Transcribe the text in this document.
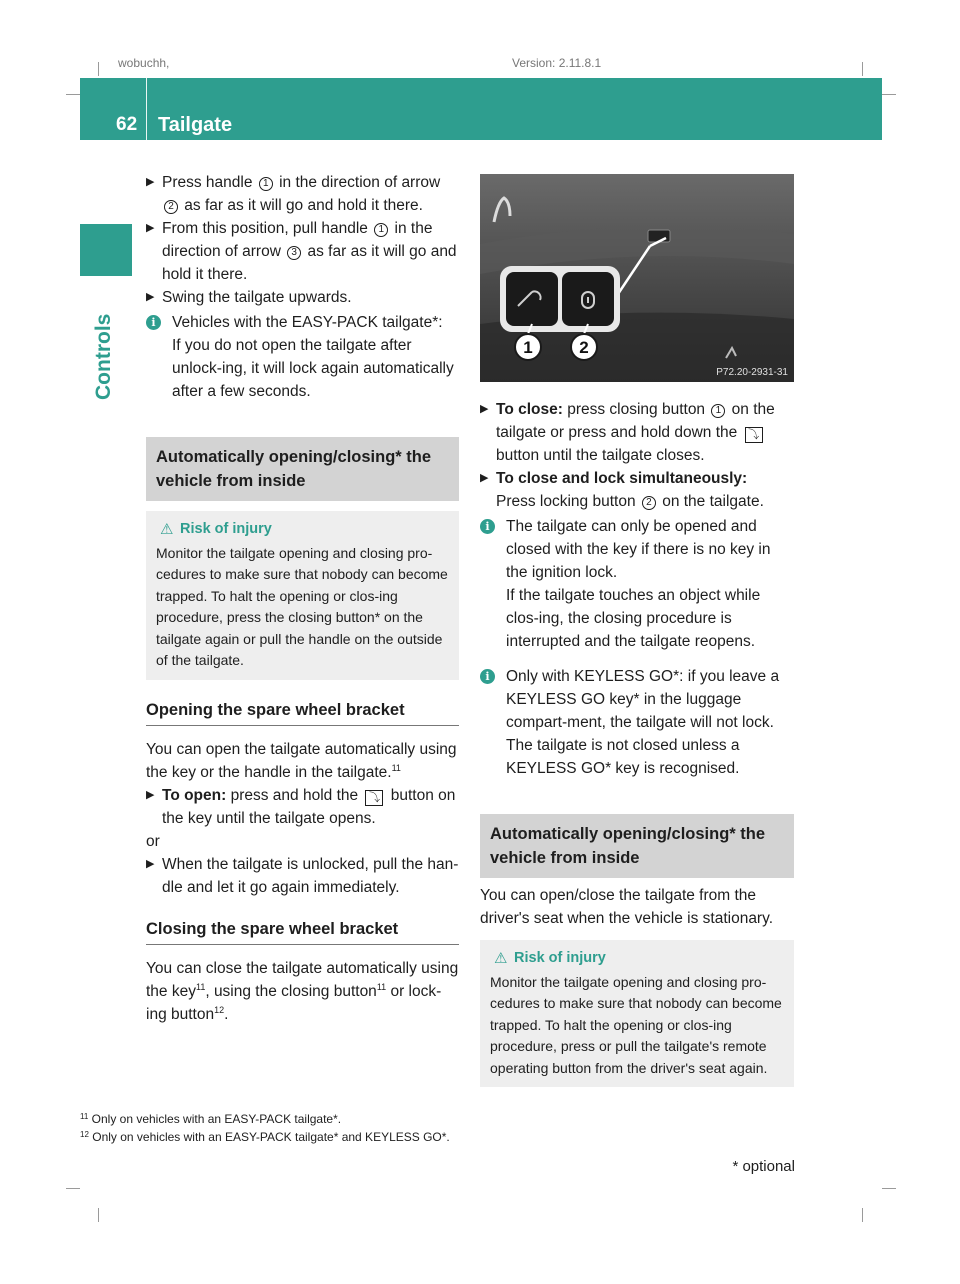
wobuchh,	Version: 2.11.8.1
62 Tailgate
Controls
▶ Press handle 1 in the direction of arrow 2 as far as it will go and hold it there.
▶ From this position, pull handle 1 in the direction of arrow 3 as far as it will go and hold it there.
▶ Swing the tailgate upwards.
i	Vehicles with the EASY-PACK tailgate*:
If you do not open the tailgate after unlock-ing, it will lock again automatically after a few seconds.
Automatically opening/closing* the vehicle from inside
⚠ Risk of injury
Monitor the tailgate opening and closing pro-cedures to make sure that nobody can become trapped. To halt the opening or clos-ing procedure, press the closing button* on the tailgate again or pull the handle on the outside of the tailgate.
Opening the spare wheel bracket
You can open the tailgate automatically using the key or the handle in the tailgate.$^{11}$
▶ To open: press and hold the ⤵ button on the key until the tailgate opens.
or
▶ When the tailgate is unlocked, pull the han-dle and let it go again immediately.
Closing the spare wheel bracket
You can close the tailgate automatically using the key$^{11}$, using the closing button$^{11}$ or lock-ing button$^{12}$.
1	2
P72.20-2931-31
▶ To close: press closing button 1 on the tailgate or press and hold down the ⤵ button until the tailgate closes.
▶ To close and lock simultaneously:
Press locking button 2 on the tailgate.
i	The tailgate can only be opened and closed with the key if there is no key in the ignition lock.
If the tailgate touches an object while clos-ing, the closing procedure is interrupted and the tailgate reopens.
i	Only with KEYLESS GO*: if you leave a KEYLESS GO key* in the luggage compart-ment, the tailgate will not lock.
The tailgate is not closed unless a KEYLESS GO* key is recognised.
Automatically opening/closing* the vehicle from inside
You can open/close the tailgate from the driver's seat when the vehicle is stationary.
⚠ Risk of injury
Monitor the tailgate opening and closing pro-cedures to make sure that nobody can become trapped. To halt the opening or clos-ing procedure, press or pull the tailgate's remote operating button from the driver's seat again.
$^{11}$ Only on vehicles with an EASY-PACK tailgate*.
$^{12}$ Only on vehicles with an EASY-PACK tailgate* and KEYLESS GO*.
* optional
